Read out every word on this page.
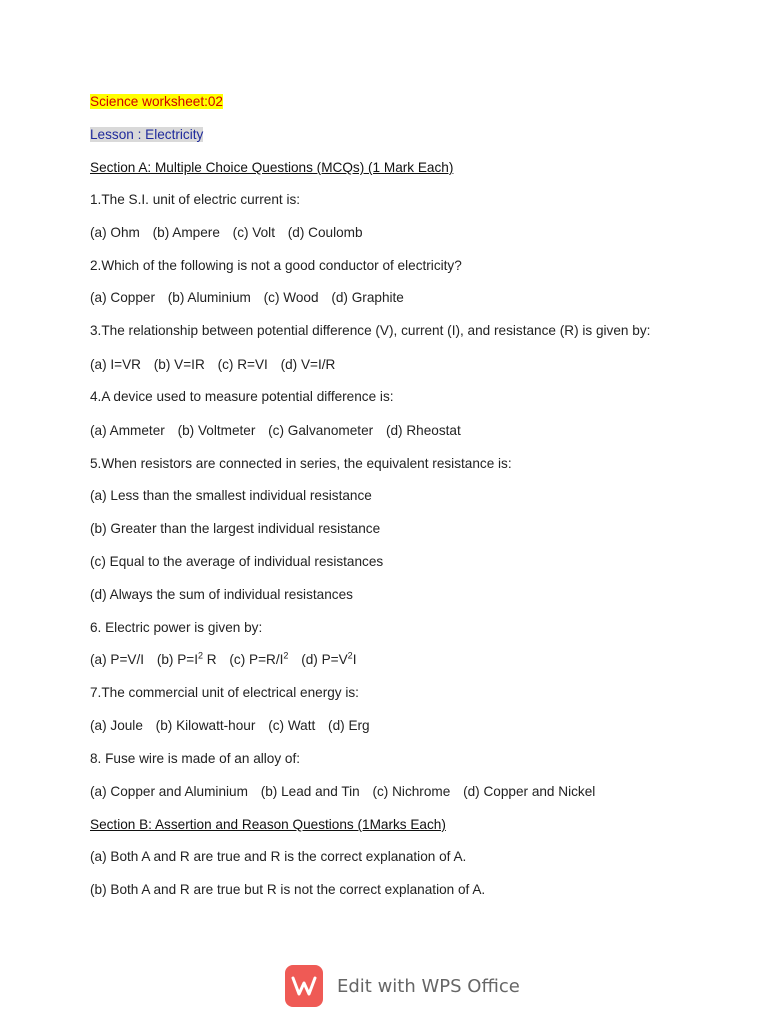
Science worksheet:02
Lesson : Electricity
Section A: Multiple Choice Questions (MCQs) (1 Mark Each)
1.The S.I. unit of electric current is:
(a) Ohm (b) Ampere (c) Volt (d) Coulomb
2.Which of the following is not a good conductor of electricity?
(a) Copper (b) Aluminium (c) Wood (d) Graphite
3.The relationship between potential difference (V), current (I), and resistance (R) is given by:
(a) I=VR (b) V=IR (c) R=VI (d) V=I/R
4.A device used to measure potential difference is:
(a) Ammeter (b) Voltmeter (c) Galvanometer (d) Rheostat
5.When resistors are connected in series, the equivalent resistance is:
(a) Less than the smallest individual resistance
(b) Greater than the largest individual resistance
(c) Equal to the average of individual resistances
(d) Always the sum of individual resistances
6. Electric power is given by:
(a) P=V/I (b) $P=I^2$ R (c) $P=R/I^2$ (d) $P=V^2I$
7.The commercial unit of electrical energy is:
(a) Joule (b) Kilowatt-hour (c) Watt (d) Erg
8. Fuse wire is made of an alloy of:
(a) Copper and Aluminium (b) Lead and Tin (c) Nichrome (d) Copper and Nickel
Section B: Assertion and Reason Questions (1Marks Each)
(a) Both A and R are true and R is the correct explanation of A.
(b) Both A and R are true but R is not the correct explanation of A.
Edit with WPS Office
